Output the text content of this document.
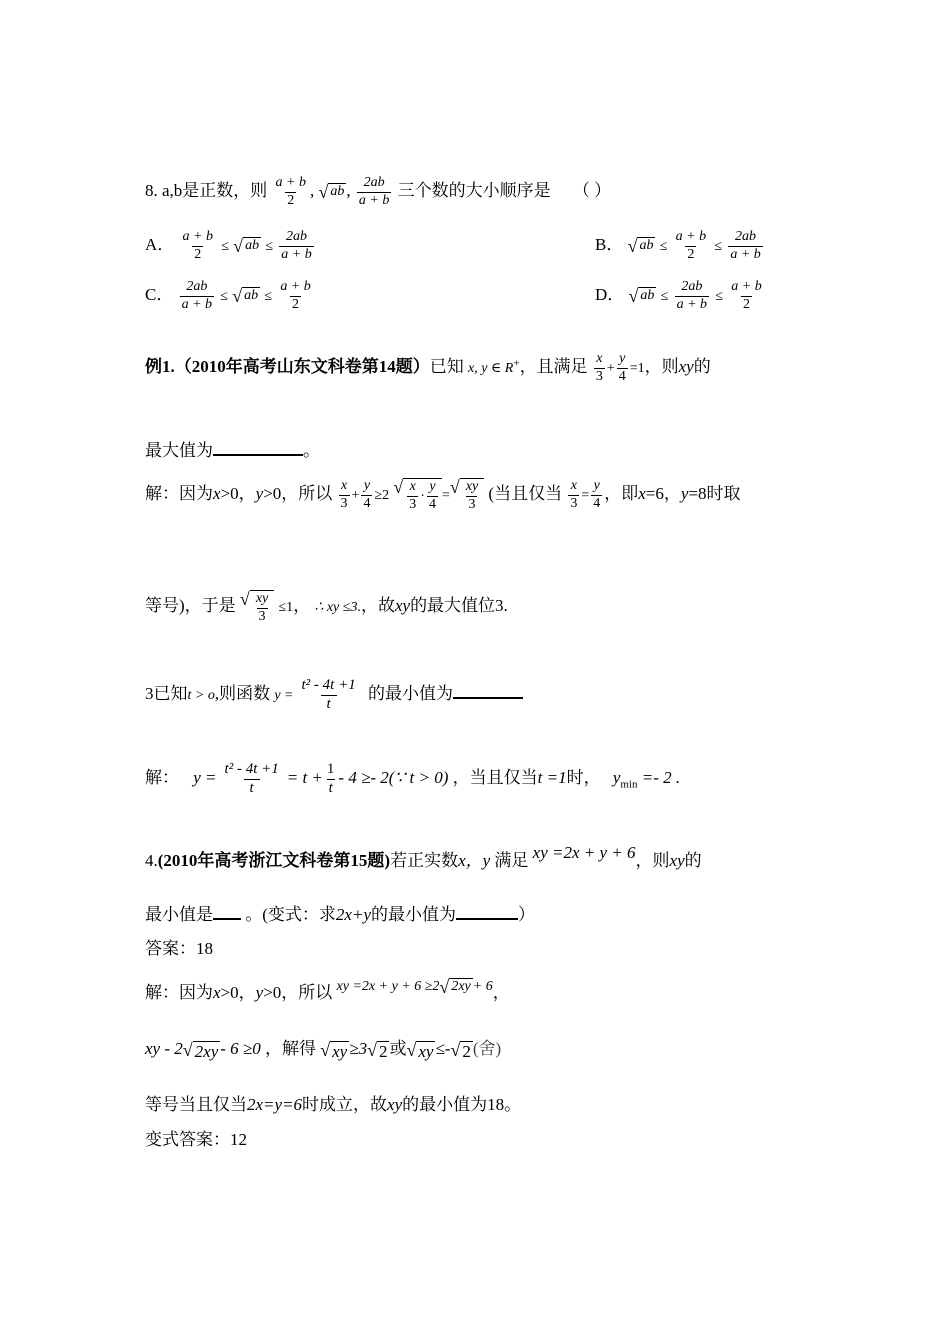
8. a,b是正数，则 $\frac{a + b}{2}$ , √ ab , $\frac{2ab}{a + b}$ 三个数的大小顺序是 （ ）
A． $\frac{a + b}{2}$ ≤ √ ab ≤ $\frac{2ab}{a + b}$	B． √ ab ≤ $\frac{a + b}{2} \le \frac{2ab}{a + b}$
C． $\frac{2ab}{a + b}$ ≤ √ ab ≤ $\frac{a + b}{2}$	D． √ ab ≤ $\frac{2ab}{a + b} \le \frac{a + b}{2}$
例1.（2010年高考山东文科卷第14题）已知 x, y ∈ R+，且满足 $\frac{x}{3} + \frac{y}{4} =1$，则xy的
最大值为	。
解：因为x>0，y>0，所以 $\frac{x}{3} + \frac{y}{4} \ge 2$ √ $\frac{x}{3} \cdot \frac{y}{4}$ = √ $\frac{xy}{3}$ (当且仅当 $\frac{x}{3} = \frac{y}{4}$ ，即x=6，y=8时取
等号)，于是 √ $\frac{xy}{3} \le 1$， ∴ xy ≤3.，故xy的最大值位3.
3已知t > o,则函数 $y = \frac{\text{t² - 4t +1}}{t}$ 的最小值为
解： $y = \frac{\text{t² - 4t +1}}{t} = t + \frac{1}{t} - 4$ ≥- 2(∵ t > 0) ，当且仅当t =1时， $y_{min} =- 2$ .
4.(2010年高考浙江文科卷第15题)若正实数x，y 满足 xy =2x + y + 6，则xy的
最小值是 。(变式：求2x+y的最小值为	）
答案：18
解：因为x>0，y>0，所以 $^{xy =2x + y + 6 \ge 2 √ 2xy + 6}$，
xy - 2 √ 2xy - 6 ≥0 ，解得 √ xy ≥3 √ 2 或 √ xy ≤- √ 2 (舍)
等号当且仅当2x=y=6时成立，故xy的最小值为18。
变式答案：12
